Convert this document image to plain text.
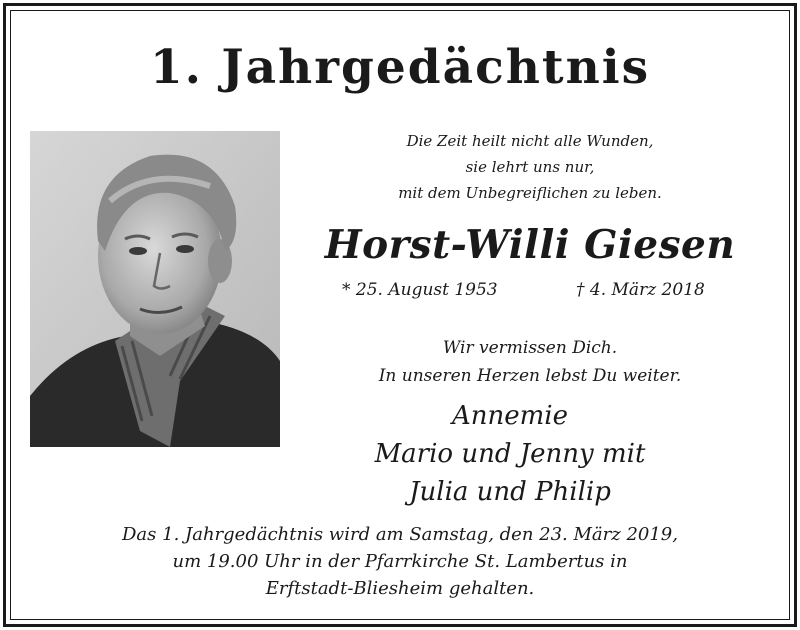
1. Jahrgedächtnis
Die Zeit heilt nicht alle Wunden,
sie lehrt uns nur,
mit dem Unbegreiflichen zu leben.
Horst-Willi Giesen
* 25. August 1953	† 4. März 2018
Wir vermissen Dich.
In unseren Herzen lebst Du weiter.
Annemie
Mario und Jenny mit
Julia und Philip
Das 1. Jahrgedächtnis wird am Samstag, den 23. März 2019,
um 19.00 Uhr in der Pfarrkirche St. Lambertus in
Erftstadt-Bliesheim gehalten.
